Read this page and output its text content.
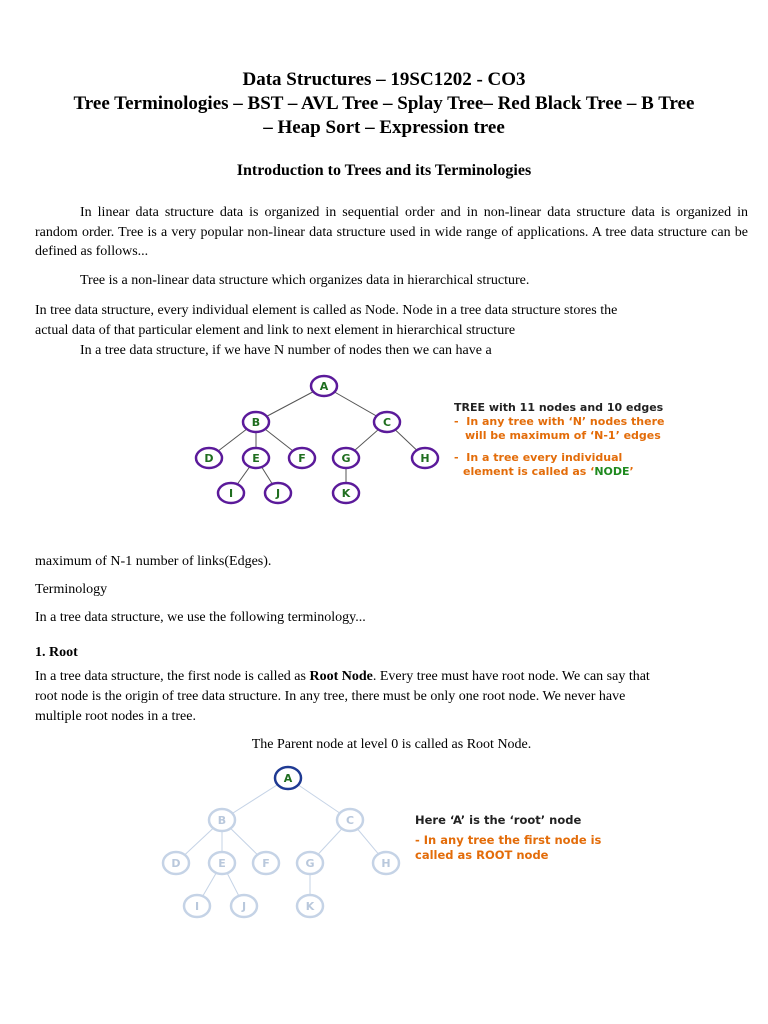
Data Structures – 19SC1202 - CO3
Tree Terminologies – BST – AVL Tree – Splay Tree– Red Black Tree – B Tree
– Heap Sort – Expression tree
Introduction to Trees and its Terminologies
In linear data structure data is organized in sequential order and in non-linear data structure data is organized in random order. Tree is a very popular non-linear data structure used in wide range of applications. A tree data structure can be defined as follows...
Tree is a non-linear data structure which organizes data in hierarchical structure.
In tree data structure, every individual element is called as Node. Node in a tree data structure stores the
actual data of that particular element and link to next element in hierarchical structure
In a tree data structure, if we have N number of nodes then we can have a
A
B	C
D	E	F	G	H
I	J	K
TREE with 11 nodes and 10 edges
- In any tree with ‘N’ nodes there
will be maximum of ‘N-1’ edges
- In a tree every individual
element is called as ‘NODE’
maximum of N-1 number of links(Edges).
Terminology
In a tree data structure, we use the following terminology...
1. Root
In a tree data structure, the first node is called as Root Node. Every tree must have root node. We can say that
root node is the origin of tree data structure. In any tree, there must be only one root node. We never have
multiple root nodes in a tree.
The Parent node at level 0 is called as Root Node.
A
B	C
D	E	F	G	H
I	J	K
Here ‘A’ is the ‘root’ node
- In any tree the first node is
called as ROOT node
